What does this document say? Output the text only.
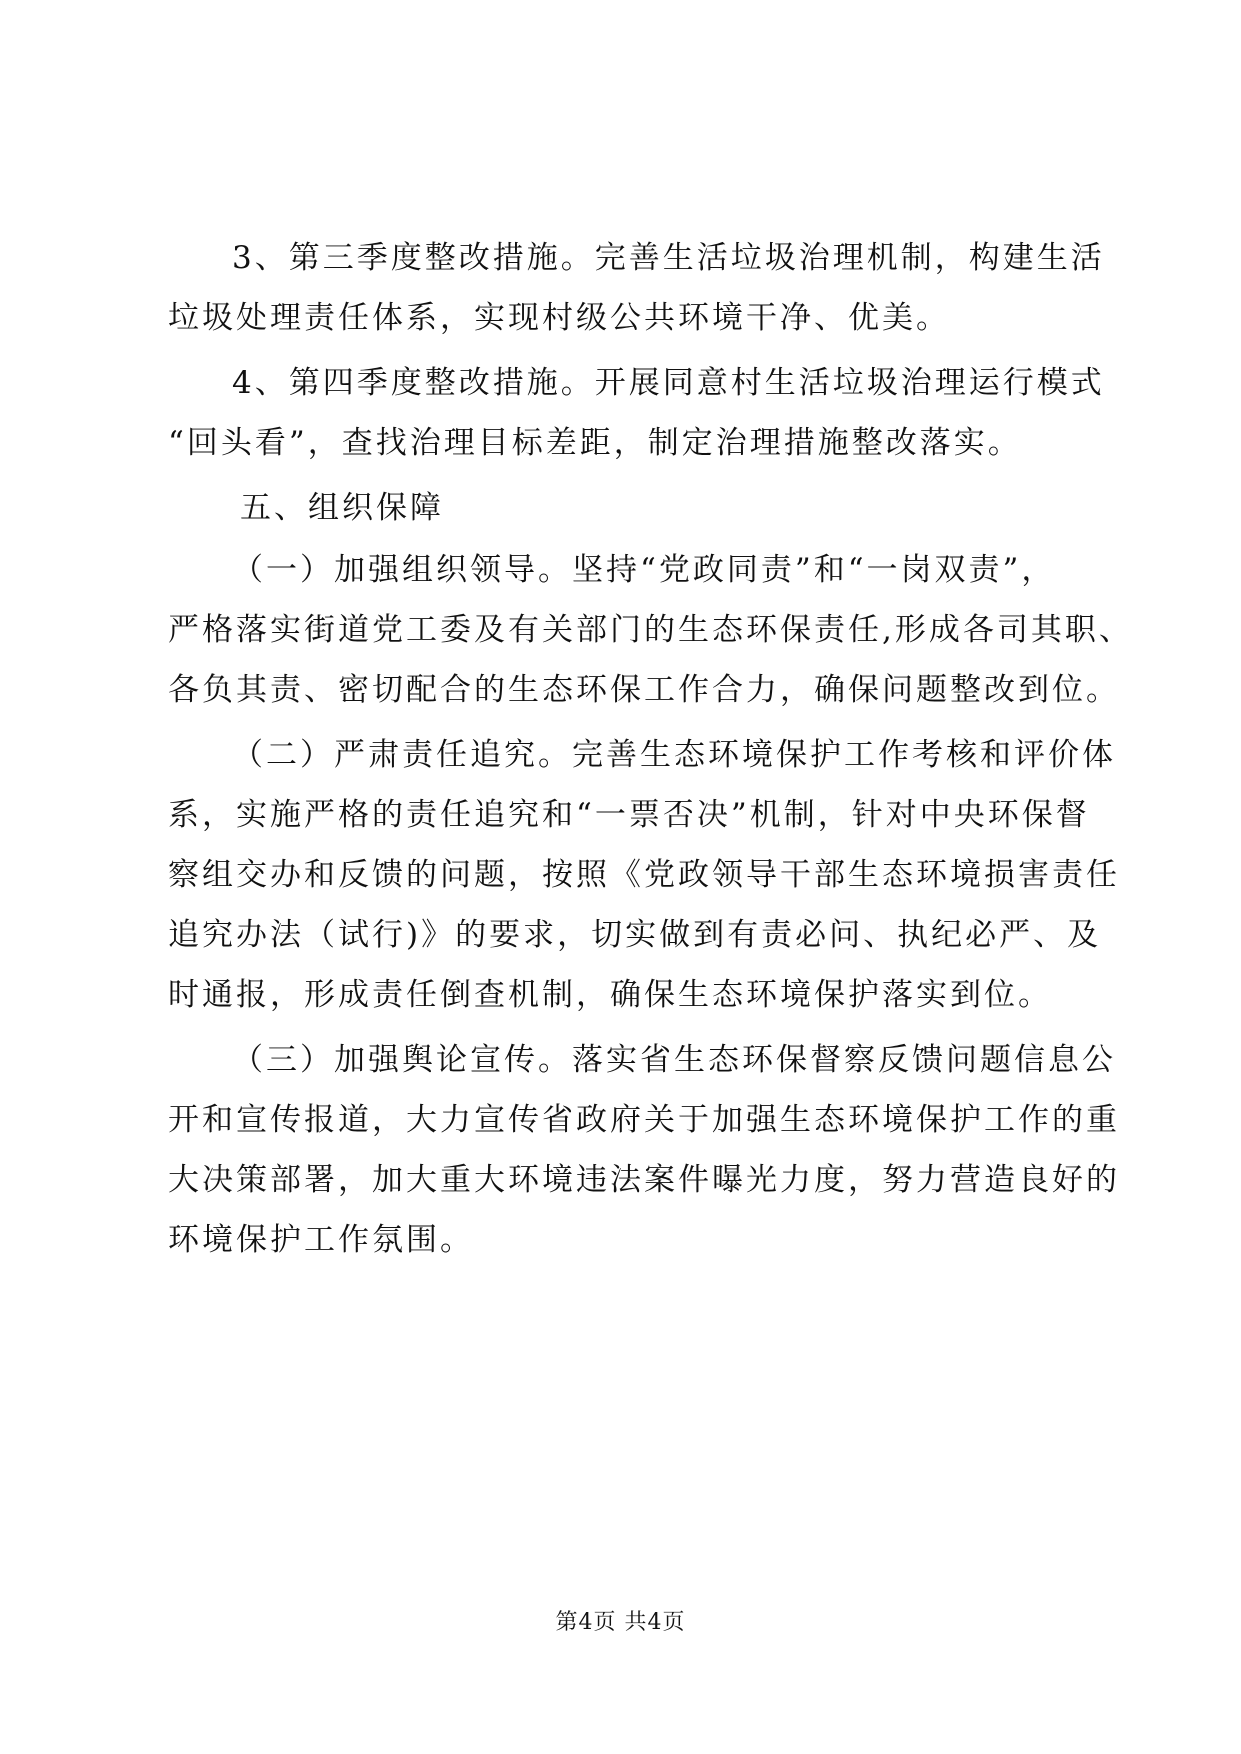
3、第三季度整改措施。完善生活垃圾治理机制，构建生活
垃圾处理责任体系，实现村级公共环境干净、优美。
4、第四季度整改措施。开展同意村生活垃圾治理运行模式
“回头看”，查找治理目标差距，制定治理措施整改落实。
五、组织保障
（一）加强组织领导。坚持“党政同责”和“一岗双责”，
严格落实街道党工委及有关部门的生态环保责任,形成各司其职、
各负其责、密切配合的生态环保工作合力，确保问题整改到位。
（二）严肃责任追究。完善生态环境保护工作考核和评价体
系，实施严格的责任追究和“一票否决”机制，针对中央环保督
察组交办和反馈的问题，按照《党政领导干部生态环境损害责任
追究办法（试行)》的要求，切实做到有责必问、执纪必严、及
时通报，形成责任倒查机制，确保生态环境保护落实到位。
（三）加强舆论宣传。落实省生态环保督察反馈问题信息公
开和宣传报道，大力宣传省政府关于加强生态环境保护工作的重
大决策部署，加大重大环境违法案件曝光力度，努力营造良好的
环境保护工作氛围。
第4页 共4页
